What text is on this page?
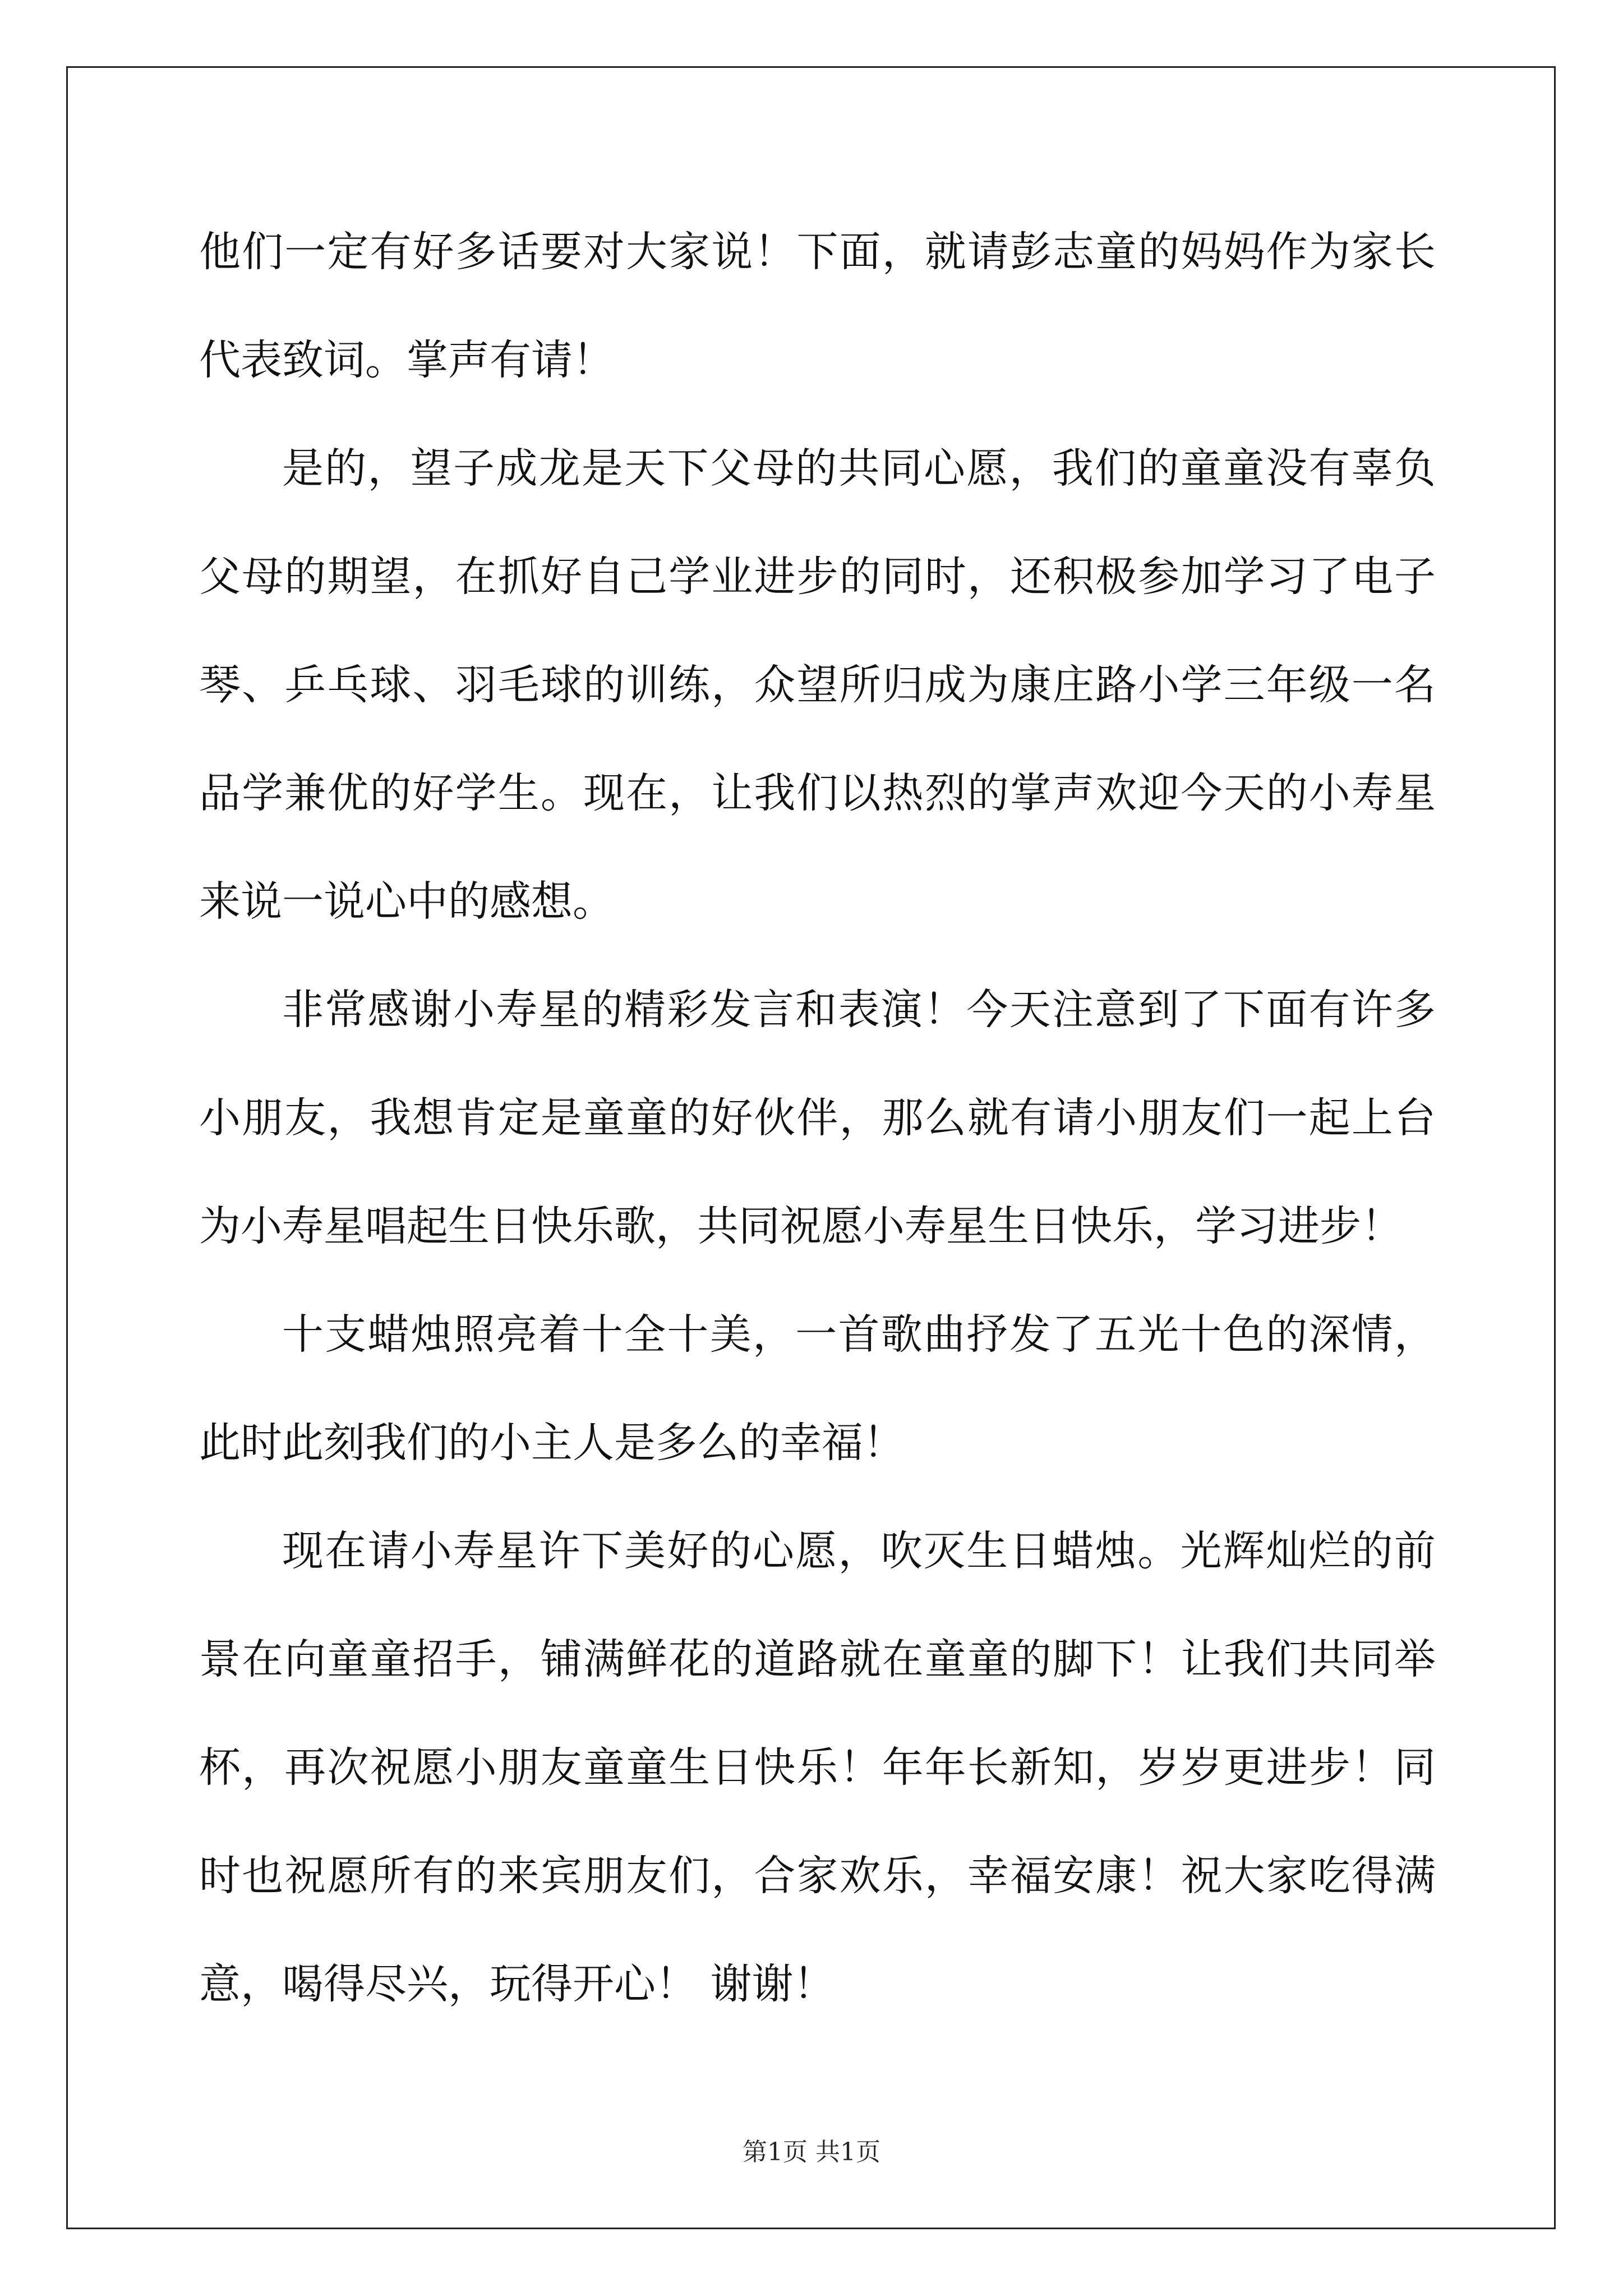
他们一定有好多话要对大家说！下面，就请彭志童的妈妈作为家长代表致词。掌声有请！

是的，望子成龙是天下父母的共同心愿，我们的童童没有辜负父母的期望，在抓好自己学业进步的同时，还积极参加学习了电子琴、乒乓球、羽毛球的训练，众望所归成为康庄路小学三年级一名品学兼优的好学生。现在，让我们以热烈的掌声欢迎今天的小寿星来说一说心中的感想。

非常感谢小寿星的精彩发言和表演！今天注意到了下面有许多小朋友，我想肯定是童童的好伙伴，那么就有请小朋友们一起上台为小寿星唱起生日快乐歌，共同祝愿小寿星生日快乐，学习进步！

十支蜡烛照亮着十全十美，一首歌曲抒发了五光十色的深情，此时此刻我们的小主人是多么的幸福！

现在请小寿星许下美好的心愿，吹灭生日蜡烛。光辉灿烂的前景在向童童招手，铺满鲜花的道路就在童童的脚下！让我们共同举杯，再次祝愿小朋友童童生日快乐！年年长新知，岁岁更进步！同时也祝愿所有的来宾朋友们，合家欢乐，幸福安康！祝大家吃得满意，喝得尽兴，玩得开心！ 谢谢！

第1页 共1页
